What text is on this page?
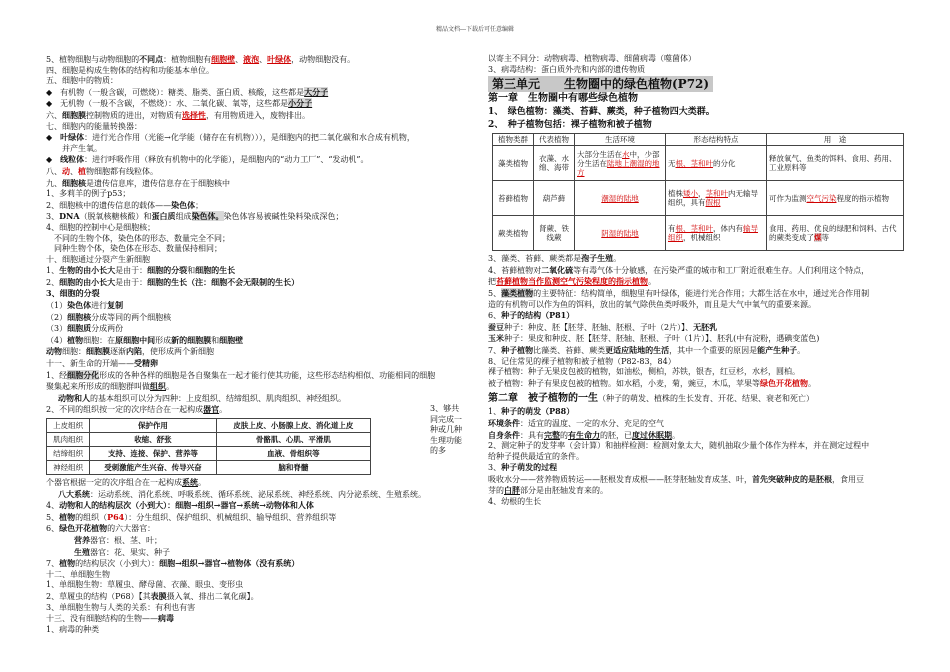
精品文档---下载后可任意编辑
5、植物细胞与动物细胞的不同点：植物细胞有细胞壁、液泡、叶绿体，动物细胞没有。
四、细胞是构成生物体的结构和功能基本单位。
五、细胞中的物质：
◆　有机物（一般含碳，可燃烧）：糖类、脂类、蛋白质、核酸，这些都是大分子
◆　无机物（一般不含碳，不燃烧）：水、二氧化碳、氧等，这些都是小分子
六、细胞膜控制物质的进出，对物质有选择性，有用物质进入，废物排出。
七、细胞内的能量转换器：
◆　叶绿体：进行光合作用（光能→化学能（储存在有机物））），是细胞内的把二氧化碳和水合成有机物，
并产生氧。
◆　线粒体：进行呼吸作用（释放有机物中的化学能），是细胞内的“动力工厂”、“发动机”。
八、动、植物细胞都有线粒体。
九、细胞核是遗传信息库，遗传信息存在于细胞核中
1、多莉羊的例子p53；
2、细胞核中的遗传信息的载体——染色体；
3、DNA（脱氧核糖核酸）和蛋白质组成染色体。染色体容易被碱性染料染成深色；
4、细胞的控制中心是细胞核；
不同的生物个体，染色体的形态、数量完全不同；
同种生物个体，染色体在形态、数量保持相同；
十、细胞通过分裂产生新细胞
1、生物的由小长大是由于：细胞的分裂和细胞的生长
2、细胞的由小长大是由于：细胞的生长（注：细胞不会无限制的生长）
3、细胞的分裂
（1）染色体进行复制
（2）细胞核分成等同的两个细胞核
（3）细胞质分成两份
（4）植物细胞：在原细胞中间形成新的细胞膜和细胞壁
动物细胞：细胞膜逐渐内陷，使形成两个新细胞
十一、新生命的开端——受精卵
1、经细胞分化形成的各种各样的细胞是各自聚集在一起才能行使其功能，这些形态结构相似、功能相同的细胞
聚集起来所形成的细胞群叫做组织。
动物和人的基本组织可以分为四种：上皮组织、结缔组织、肌肉组织、神经组织。
2、不同的组织按一定的次序结合在一起构成器官。
上皮组织	保护作用	皮肤上皮、小肠腺上皮、消化道上皮
肌肉组织	收缩、舒张	骨骼肌、心肌、平滑肌
结缔组织	支持、连接、保护、营养等	血液、骨组织等
神经组织	受刺激能产生兴奋、传导兴奋	脑和脊髓
3、够共同完成一种或几种生理功能的多
个器官根据一定的次序组合在一起构成系统。
八大系统：运动系统、消化系统、呼吸系统、循环系统、泌尿系统、神经系统、内分泌系统、生殖系统。
4、动物和人的结构层次（小到大）：细胞→组织→器官→系统→动物体和人体
5、植物的组织（P64）：分生组织、保护组织、机械组织、输导组织、营养组织等
6、绿色开花植物的六大器官：
营养器官：根、茎、叶；
生殖器官：花、果实、种子
7、植物的结构层次（小到大）：细胞→组织→器官→植物体（没有系统）
十二、单细胞生物
1、单细胞生物：草履虫、酵母菌、衣藻、眼虫、变形虫
2、草履虫的结构（P68）【其表膜摄入氧、排出二氧化碳】。
3、单细胞生物与人类的关系：有利也有害
十三、没有细胞结构的生物——病毒
1、病毒的种类
以寄主不同分：动物病毒、植物病毒、细菌病毒（噬菌体）
3、病毒结构：蛋白质外壳和内部的遗传物质
第三单元　　生物圈中的绿色植物(P72)
第一章　生物圈中有哪些绿色植物
1、　绿色植物：藻类、苔藓、蕨类，种子植物四大类群。
2、　种子植物包括：裸子植物和被子植物
植物类群	代表植物	生活环境	形态结构特点	用　途
藻类植物	衣藻、水绵、海带	大部分生活在水中，少部分生活在陆地上潮湿的地方	无根、茎和叶的分化	释放氧气、鱼类的饵料、食用、药用、工业原料等
苔藓植物	葫芦藓	潮湿的陆地	植株矮小，茎和叶内无输导组织，具有假根	可作为监测空气污染程度的指示植物
蕨类植物	肾蕨、铁线蕨	阴湿的陆地	有根、茎和叶，体内有输导组织，机械组织	食用、药用、优良的绿肥和饲料、古代的蕨类变成了煤等
3、藻类、苔藓、蕨类都是孢子生殖。
4、苔藓植物对二氧化硫等有毒气体十分敏感，在污染严重的城市和工厂附近很难生存。人们利用这个特点，
把苔藓植物当作监测空气污染程度的指示植物。
5、藻类植物的主要特征：结构简单，细胞里有叶绿体，能进行光合作用；大都生活在水中，通过光合作用制
造的有机物可以作为鱼的饵料，放出的氧气除供鱼类呼吸外，而且是大气中氧气的重要来源。
6、种子的结构（P81）
蚕豆种子：种皮、胚【胚芽、胚轴、胚根、子叶（2片）】、无胚乳
玉米种子：果皮和种皮、胚【胚芽、胚轴、胚根、子叶（1片）】、胚乳(中有淀粉，遇碘变蓝色)
7、种子植物比藻类、苔藓、蕨类更适应陆地的生活，其中一个重要的原因是能产生种子。
8、记住常见的裸子植物和被子植物（P82-83，84）
裸子植物：种子无果皮包被的植物，如油松，侧柏，苏铁，银杏，红豆杉，水杉，圆柏。
被子植物：种子有果皮包被的植物。如水稻，小麦，菊，豌豆，木瓜，苹果等绿色开花植物。
第二章　被子植物的一生（种子的萌发、植株的生长发育、开花、结果、衰老和死亡）
1、种子的萌发（P88）
环境条件：适宜的温度、一定的水分、充足的空气
自身条件：具有完整的有生命力的胚，已度过休眠期。
2、测定种子的发芽率（会计算）和抽样检测：检测对象太大，随机抽取少量个体作为样本，并在测定过程中
给种子提供最适宜的条件。
3、种子萌发的过程
吸收水分——营养物质转运——胚根发育成根——胚芽胚轴发育成茎、叶，首先突破种皮的是胚根，食用豆
芽的白胖部分是由胚轴发育来的。
4、幼根的生长
